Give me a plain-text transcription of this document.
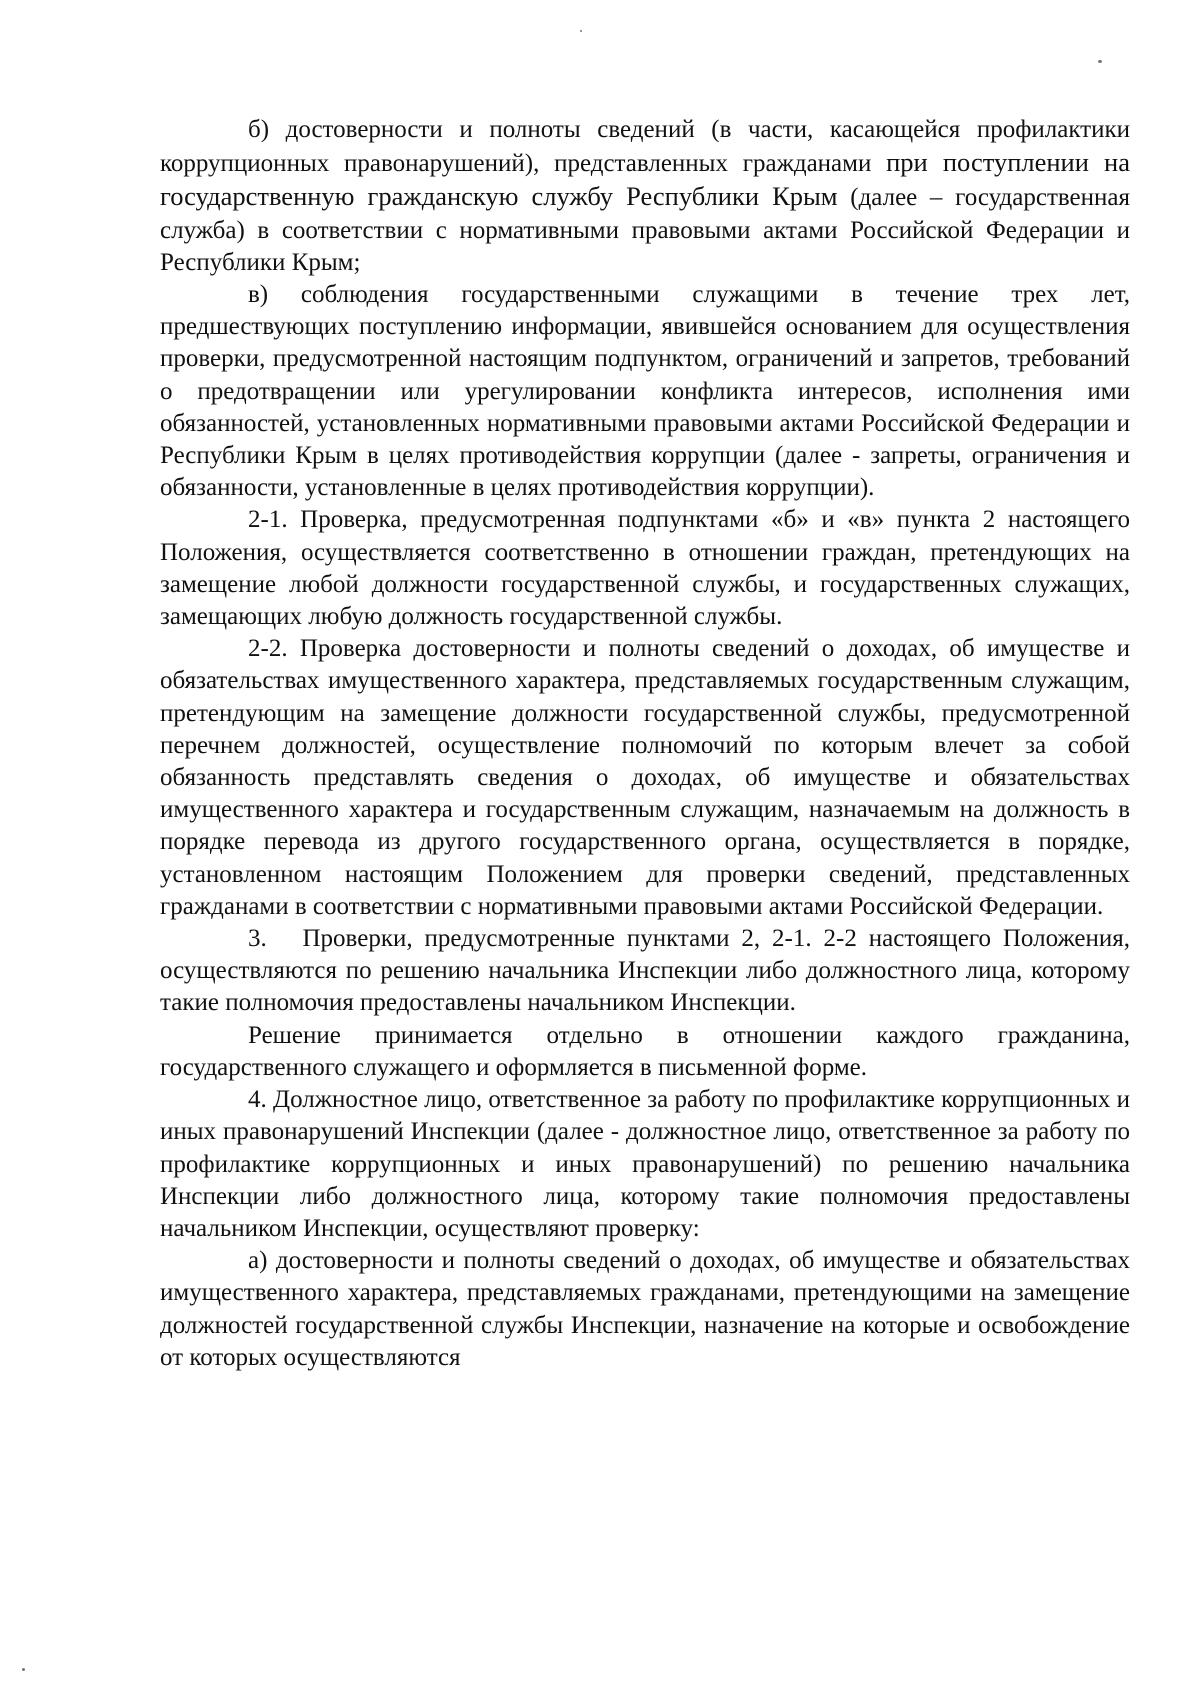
б) достоверности и полноты сведений (в части, касающейся профилактики коррупционных правонарушений), представленных гражданами при поступлении на государственную гражданскую службу Республики Крым (далее – государственная служба) в соответствии с нормативными правовыми актами Российской Федерации и Республики Крым;

в) соблюдения государственными служащими в течение трех лет, предшествующих поступлению информации, явившейся основанием для осуществления проверки, предусмотренной настоящим подпунктом, ограничений и запретов, требований о предотвращении или урегулировании конфликта интересов, исполнения ими обязанностей, установленных нормативными правовыми актами Российской Федерации и Республики Крым в целях противодействия коррупции (далее - запреты, ограничения и обязанности, установленные в целях противодействия коррупции).

2-1. Проверка, предусмотренная подпунктами «б» и «в» пункта 2 настоящего Положения, осуществляется соответственно в отношении граждан, претендующих на замещение любой должности государственной службы, и государственных служащих, замещающих любую должность государственной службы.

2-2. Проверка достоверности и полноты сведений о доходах, об имуществе и обязательствах имущественного характера, представляемых государственным служащим, претендующим на замещение должности государственной службы, предусмотренной перечнем должностей, осуществление полномочий по которым влечет за собой обязанность представлять сведения о доходах, об имуществе и обязательствах имущественного характера и государственным служащим, назначаемым на должность в порядке перевода из другого государственного органа, осуществляется в порядке, установленном настоящим Положением для проверки сведений, представленных гражданами в соответствии с нормативными правовыми актами Российской Федерации.

3.   Проверки, предусмотренные пунктами 2, 2-1. 2-2 настоящего Положения, осуществляются по решению начальника Инспекции либо должностного лица, которому такие полномочия предоставлены начальником Инспекции.

Решение принимается отдельно в отношении каждого гражданина, государственного служащего и оформляется в письменной форме.

4. Должностное лицо, ответственное за работу по профилактике коррупционных и иных правонарушений Инспекции (далее - должностное лицо, ответственное за работу по профилактике коррупционных и иных правонарушений) по решению начальника Инспекции либо должностного лица, которому такие полномочия предоставлены начальником Инспекции, осуществляют проверку:

а) достоверности и полноты сведений о доходах, об имуществе и обязательствах имущественного характера, представляемых гражданами, претендующими на замещение должностей государственной службы Инспекции, назначение на которые и освобождение от которых осуществляются
